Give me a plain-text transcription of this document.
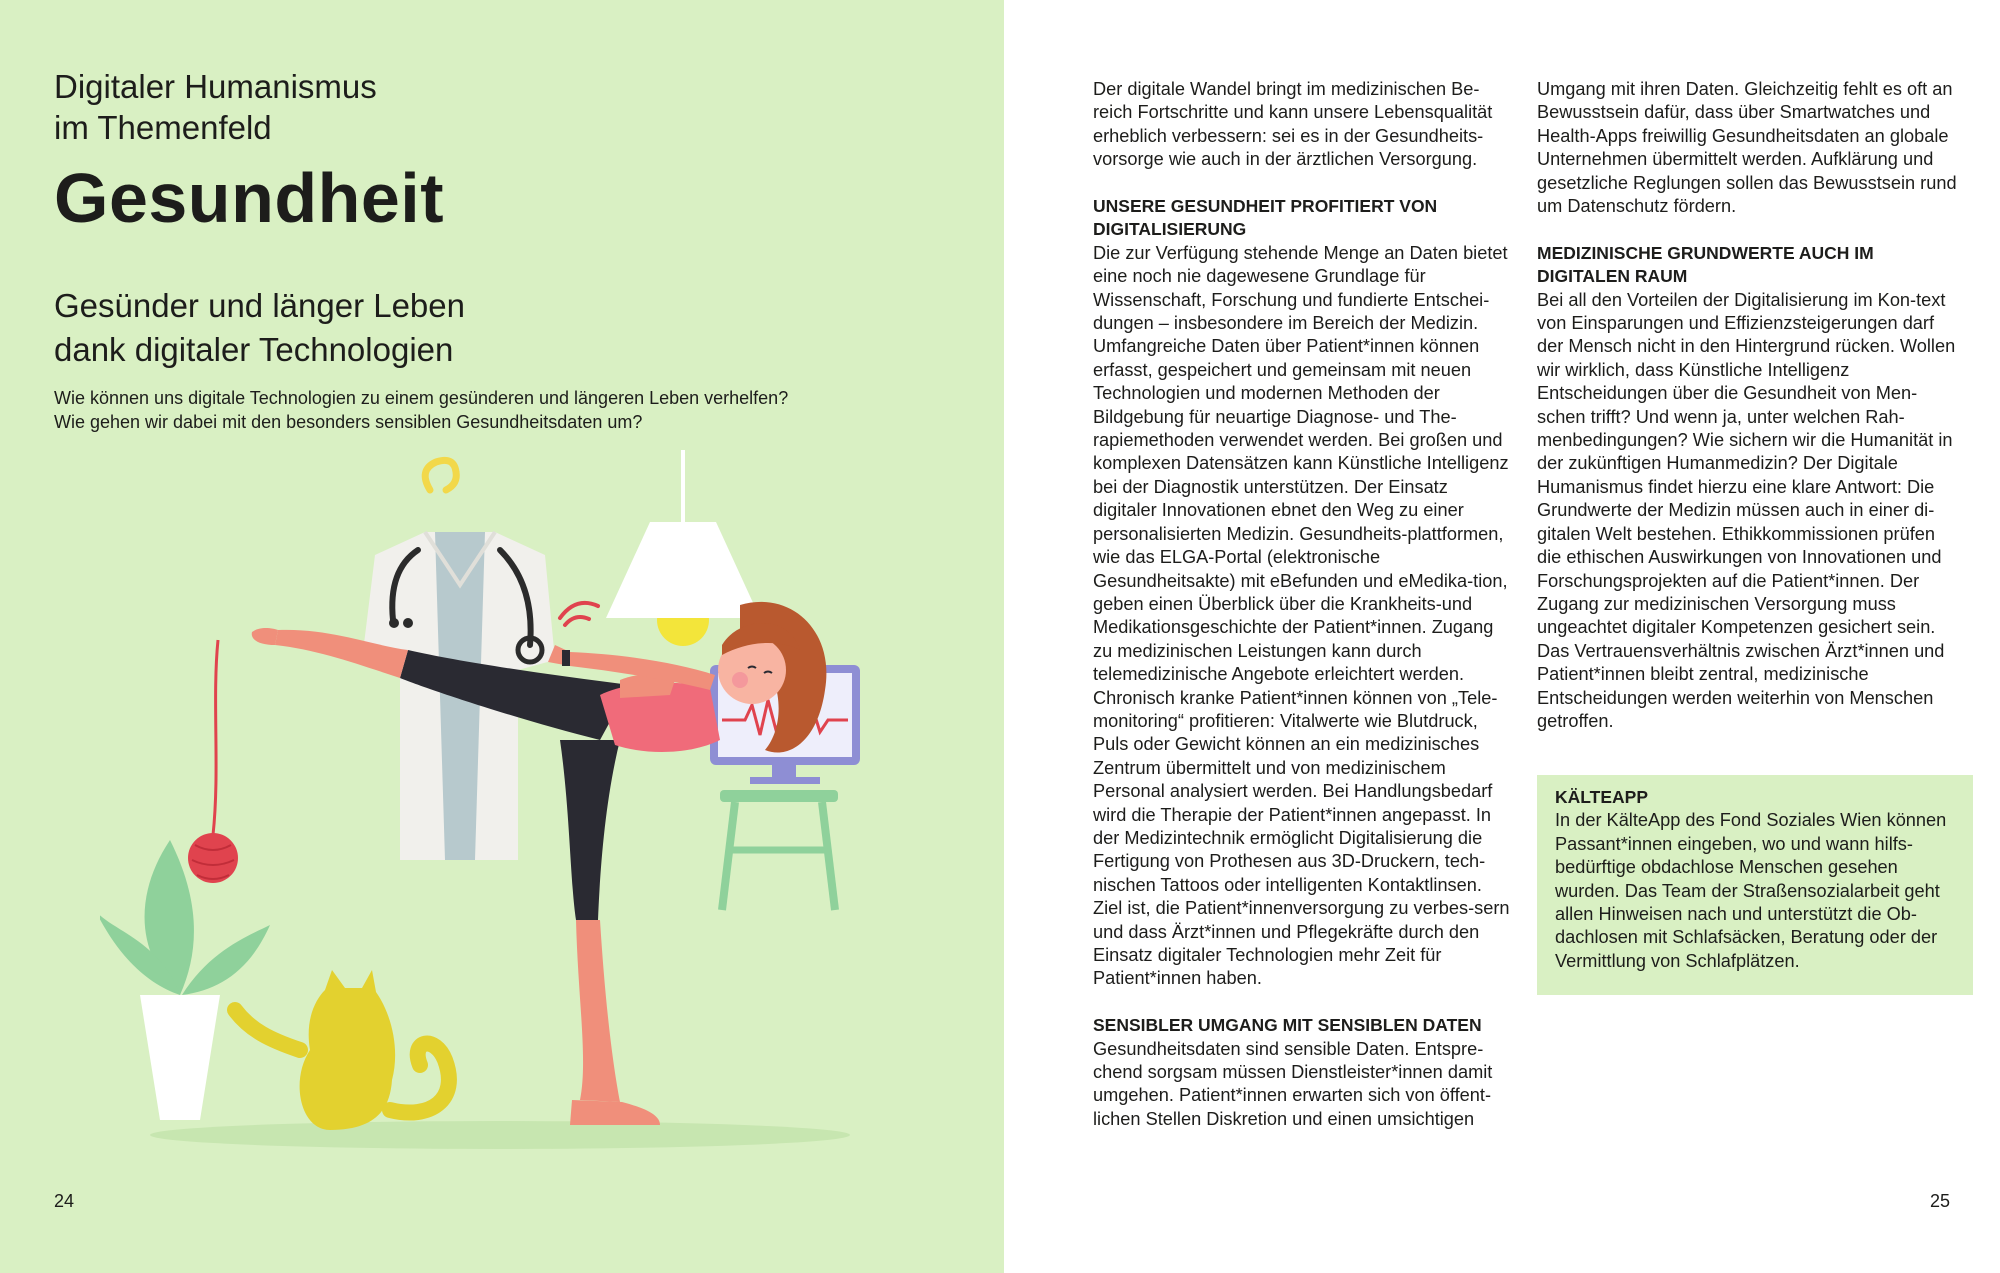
Digitaler Humanismus
im Themenfeld
Gesundheit
Gesünder und länger Leben
dank digitaler Technologien

Wie können uns digitale Technologien zu einem gesünderen und längeren Leben verhelfen?
Wie gehen wir dabei mit den besonders sensiblen Gesundheitsdaten um?

24

Der digitale Wandel bringt im medizinischen Be-reich Fortschritte und kann unsere Lebensqualität erheblich verbessern: sei es in der Gesundheits-vorsorge wie auch in der ärztlichen Versorgung.

UNSERE GESUNDHEIT PROFITIERT VON DIGITALISIERUNG

Die zur Verfügung stehende Menge an Daten bietet eine noch nie dagewesene Grundlage für Wissenschaft, Forschung und fundierte Entschei-dungen – insbesondere im Bereich der Medizin. Umfangreiche Daten über Patient*innen können erfasst, gespeichert und gemeinsam mit neuen Technologien und modernen Methoden der Bildgebung für neuartige Diagnose- und The-rapiemethoden verwendet werden. Bei großen und komplexen Datensätzen kann Künstliche Intelligenz bei der Diagnostik unterstützen. Der Einsatz digitaler Innovationen ebnet den Weg zu einer personalisierten Medizin. Gesundheits-plattformen, wie das ELGA-Portal (elektronische Gesundheitsakte) mit eBefunden und eMedika-tion, geben einen Überblick über die Krankheits-und Medikationsgeschichte der Patient*innen. Zugang zu medizinischen Leistungen kann durch telemedizinische Angebote erleichtert werden. Chronisch kranke Patient*innen können von „Tele-monitoring“ profitieren: Vitalwerte wie Blutdruck, Puls oder Gewicht können an ein medizinisches Zentrum übermittelt und von medizinischem Personal analysiert werden. Bei Handlungsbedarf wird die Therapie der Patient*innen angepasst. In der Medizintechnik ermöglicht Digitalisierung die Fertigung von Prothesen aus 3D-Druckern, tech-nischen Tattoos oder intelligenten Kontaktlinsen. Ziel ist, die Patient*innenversorgung zu verbes-sern und dass Ärzt*innen und Pflegekräfte durch den Einsatz digitaler Technologien mehr Zeit für Patient*innen haben.

SENSIBLER UMGANG MIT SENSIBLEN DATEN

Gesundheitsdaten sind sensible Daten. Entspre-chend sorgsam müssen Dienstleister*innen damit umgehen. Patient*innen erwarten sich von öffent-lichen Stellen Diskretion und einen umsichtigen

Umgang mit ihren Daten. Gleichzeitig fehlt es oft an Bewusstsein dafür, dass über Smartwatches und Health-Apps freiwillig Gesundheitsdaten an globale Unternehmen übermittelt werden. Aufklärung und gesetzliche Reglungen sollen das Bewusstsein rund um Datenschutz fördern.

MEDIZINISCHE GRUNDWERTE AUCH IM DIGITALEN RAUM

Bei all den Vorteilen der Digitalisierung im Kon-text von Einsparungen und Effizienzsteigerungen darf der Mensch nicht in den Hintergrund rücken. Wollen wir wirklich, dass Künstliche Intelligenz Entscheidungen über die Gesundheit von Men-schen trifft? Und wenn ja, unter welchen Rah-menbedingungen? Wie sichern wir die Humanität in der zukünftigen Humanmedizin? Der Digitale Humanismus findet hierzu eine klare Antwort: Die Grundwerte der Medizin müssen auch in einer di-gitalen Welt bestehen. Ethikkommissionen prüfen die ethischen Auswirkungen von Innovationen und Forschungsprojekten auf die Patient*innen. Der Zugang zur medizinischen Versorgung muss ungeachtet digitaler Kompetenzen gesichert sein. Das Vertrauensverhältnis zwischen Ärzt*innen und Patient*innen bleibt zentral, medizinische Entscheidungen werden weiterhin von Menschen getroffen.

KÄLTEAPP

In der KälteApp des Fond Soziales Wien können Passant*innen eingeben, wo und wann hilfs-bedürftige obdachlose Menschen gesehen wurden. Das Team der Straßensozialarbeit geht allen Hinweisen nach und unterstützt die Ob-dachlosen mit Schlafsäcken, Beratung oder der Vermittlung von Schlafplätzen.

25
